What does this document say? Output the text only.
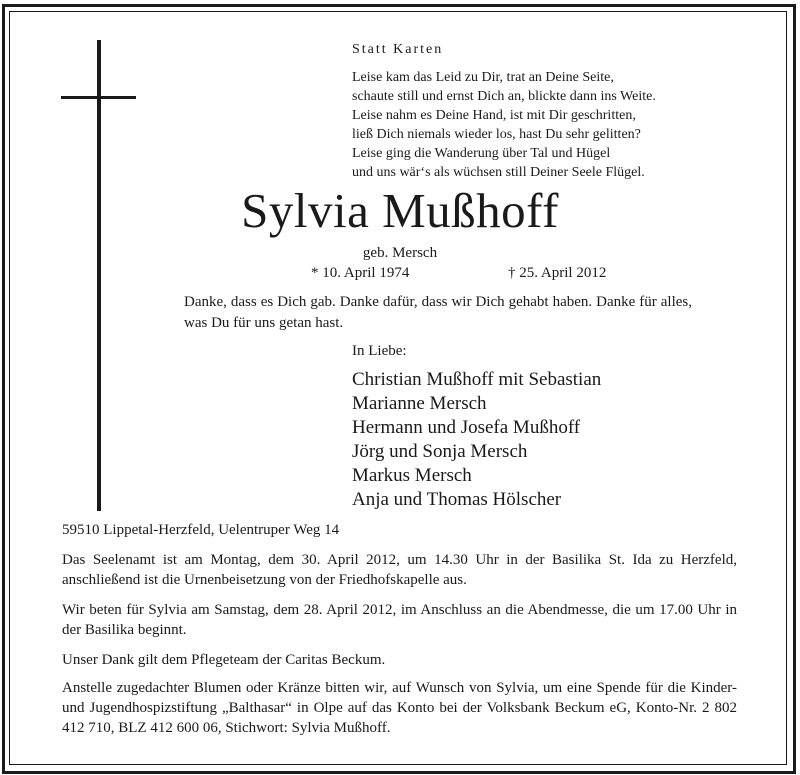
Statt Karten
Leise kam das Leid zu Dir, trat an Deine Seite,
schaute still und ernst Dich an, blickte dann ins Weite.
Leise nahm es Deine Hand, ist mit Dir geschritten,
ließ Dich niemals wieder los, hast Du sehr gelitten?
Leise ging die Wanderung über Tal und Hügel
und uns wär‘s als wüchsen still Deiner Seele Flügel.
Sylvia Mußhoff
geb. Mersch
* 10. April 1974	† 25. April 2012

Danke, dass es Dich gab. Danke dafür, dass wir Dich gehabt haben. Danke für alles, was Du für uns getan hast.

In Liebe:
Christian Mußhoff mit Sebastian
Marianne Mersch
Hermann und Josefa Mußhoff
Jörg und Sonja Mersch
Markus Mersch
Anja und Thomas Hölscher
59510 Lippetal-Herzfeld, Uelentruper Weg 14

Das Seelenamt ist am Montag, dem 30. April 2012, um 14.30 Uhr in der Basilika St. Ida zu Herzfeld, anschließend ist die Urnenbeisetzung von der Friedhofskapelle aus.

Wir beten für Sylvia am Samstag, dem 28. April 2012, im Anschluss an die Abendmesse, die um 17.00 Uhr in der Basilika beginnt.

Unser Dank gilt dem Pflegeteam der Caritas Beckum.

Anstelle zugedachter Blumen oder Kränze bitten wir, auf Wunsch von Sylvia, um eine Spende für die Kinder- und Jugendhospizstiftung „Balthasar“ in Olpe auf das Konto bei der Volksbank Beckum eG, Konto-Nr. 2 802 412 710, BLZ 412 600 06, Stichwort: Sylvia Mußhoff.
